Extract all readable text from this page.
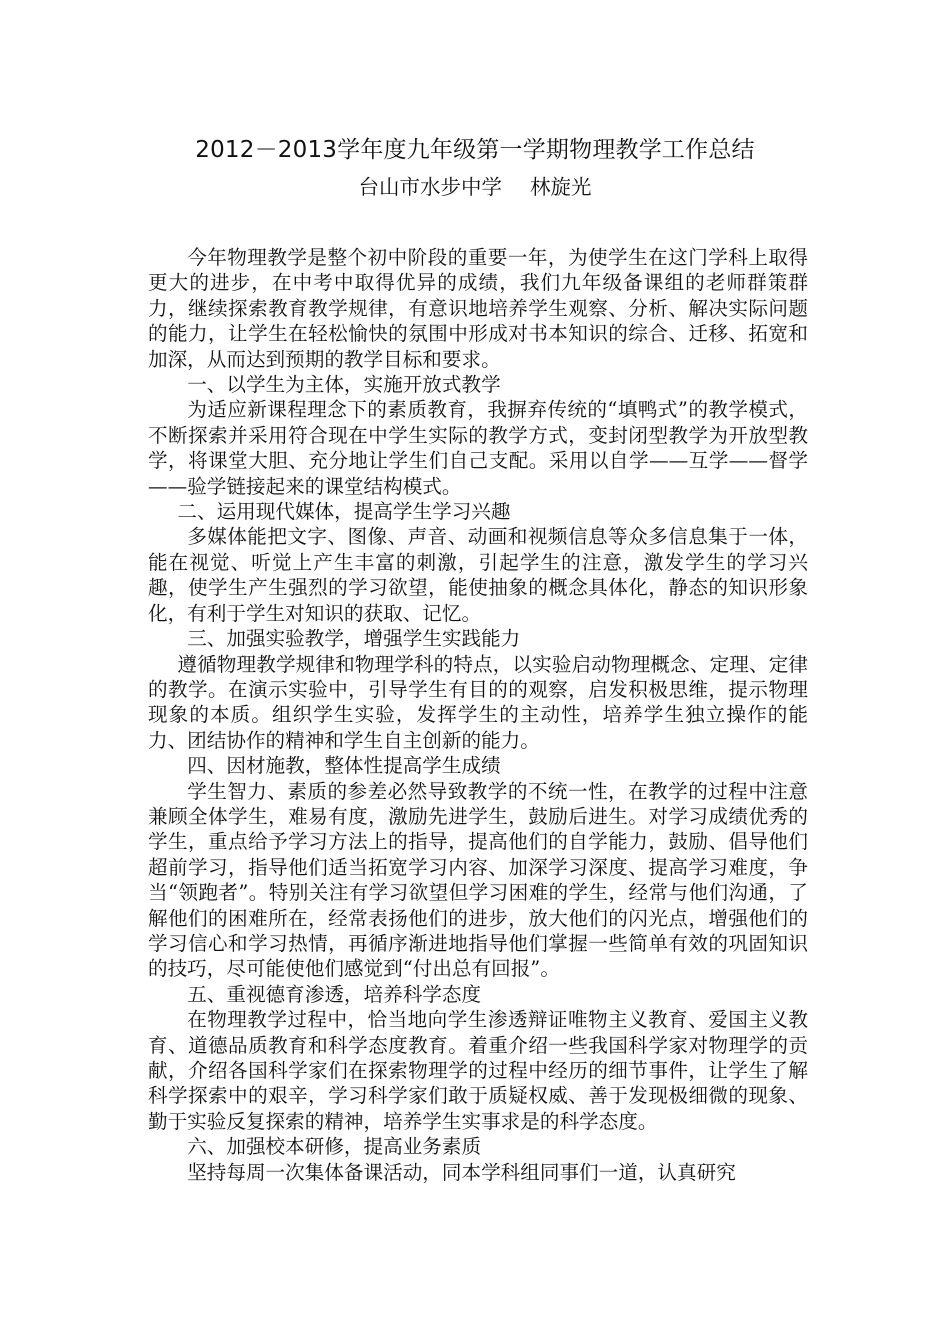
2012－2013学年度九年级第一学期物理教学工作总结
台山市水步中学 林旋光

今年物理教学是整个初中阶段的重要一年，为使学生在这门学科上取得更大的进步，在中考中取得优异的成绩，我们九年级备课组的老师群策群力，继续探索教育教学规律，有意识地培养学生观察、分析、解决实际问题的能力，让学生在轻松愉快的氛围中形成对书本知识的综合、迁移、拓宽和加深，从而达到预期的教学目标和要求。

一、以学生为主体，实施开放式教学

为适应新课程理念下的素质教育，我摒弃传统的“填鸭式”的教学模式，不断探索并采用符合现在中学生实际的教学方式，变封闭型教学为开放型教学，将课堂大胆、充分地让学生们自己支配。采用以自学——互学——督学——验学链接起来的课堂结构模式。

二、运用现代媒体，提高学生学习兴趣

多媒体能把文字、图像、声音、动画和视频信息等众多信息集于一体，能在视觉、听觉上产生丰富的刺激，引起学生的注意，激发学生的学习兴趣，使学生产生强烈的学习欲望，能使抽象的概念具体化，静态的知识形象化，有利于学生对知识的获取、记忆。

三、加强实验教学，增强学生实践能力

遵循物理教学规律和物理学科的特点，以实验启动物理概念、定理、定律的教学。在演示实验中，引导学生有目的的观察，启发积极思维，提示物理现象的本质。组织学生实验，发挥学生的主动性，培养学生独立操作的能力、团结协作的精神和学生自主创新的能力。

四、因材施教，整体性提高学生成绩

学生智力、素质的参差必然导致教学的不统一性，在教学的过程中注意兼顾全体学生，难易有度，激励先进学生，鼓励后进生。对学习成绩优秀的学生，重点给予学习方法上的指导，提高他们的自学能力，鼓励、倡导他们超前学习，指导他们适当拓宽学习内容、加深学习深度、提高学习难度，争当“领跑者”。特别关注有学习欲望但学习困难的学生，经常与他们沟通，了解他们的困难所在，经常表扬他们的进步，放大他们的闪光点，增强他们的学习信心和学习热情，再循序渐进地指导他们掌握一些简单有效的巩固知识的技巧，尽可能使他们感觉到“付出总有回报”。

五、重视德育渗透，培养科学态度

在物理教学过程中，恰当地向学生渗透辩证唯物主义教育、爱国主义教育、道德品质教育和科学态度教育。着重介绍一些我国科学家对物理学的贡献，介绍各国科学家们在探索物理学的过程中经历的细节事件，让学生了解科学探索中的艰辛，学习科学家们敢于质疑权威、善于发现极细微的现象、勤于实验反复探索的精神，培养学生实事求是的科学态度。

六、加强校本研修，提高业务素质

坚持每周一次集体备课活动，同本学科组同事们一道，认真研究
